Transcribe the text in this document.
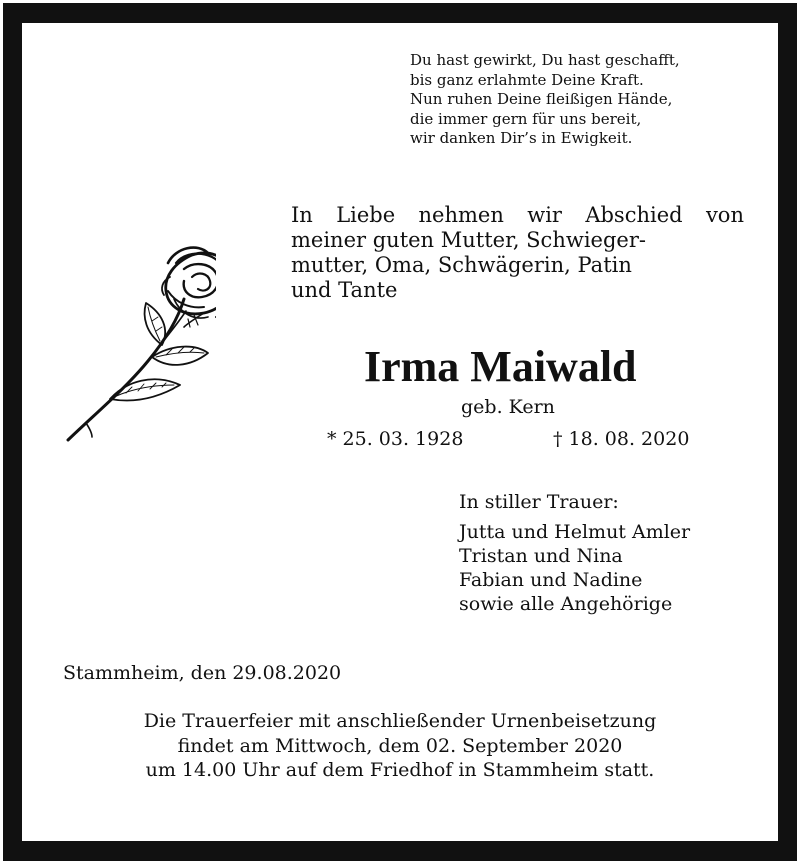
Du hast gewirkt, Du hast geschafft,
bis ganz erlahmte Deine Kraft.
Nun ruhen Deine fleißigen Hände,
die immer gern für uns bereit,
wir danken Dir’s in Ewigkeit.
In Liebe nehmen wir Abschied von
meiner guten Mutter, Schwieger-
mutter, Oma, Schwägerin, Patin
und Tante
Irma Maiwald
geb. Kern
* 25. 03. 1928	† 18. 08. 2020
In stiller Trauer:
Jutta und Helmut Amler
Tristan und Nina
Fabian und Nadine
sowie alle Angehörige
Stammheim, den 29.08.2020
Die Trauerfeier mit anschließender Urnenbeisetzung
findet am Mittwoch, dem 02. September 2020
um 14.00 Uhr auf dem Friedhof in Stammheim statt.
